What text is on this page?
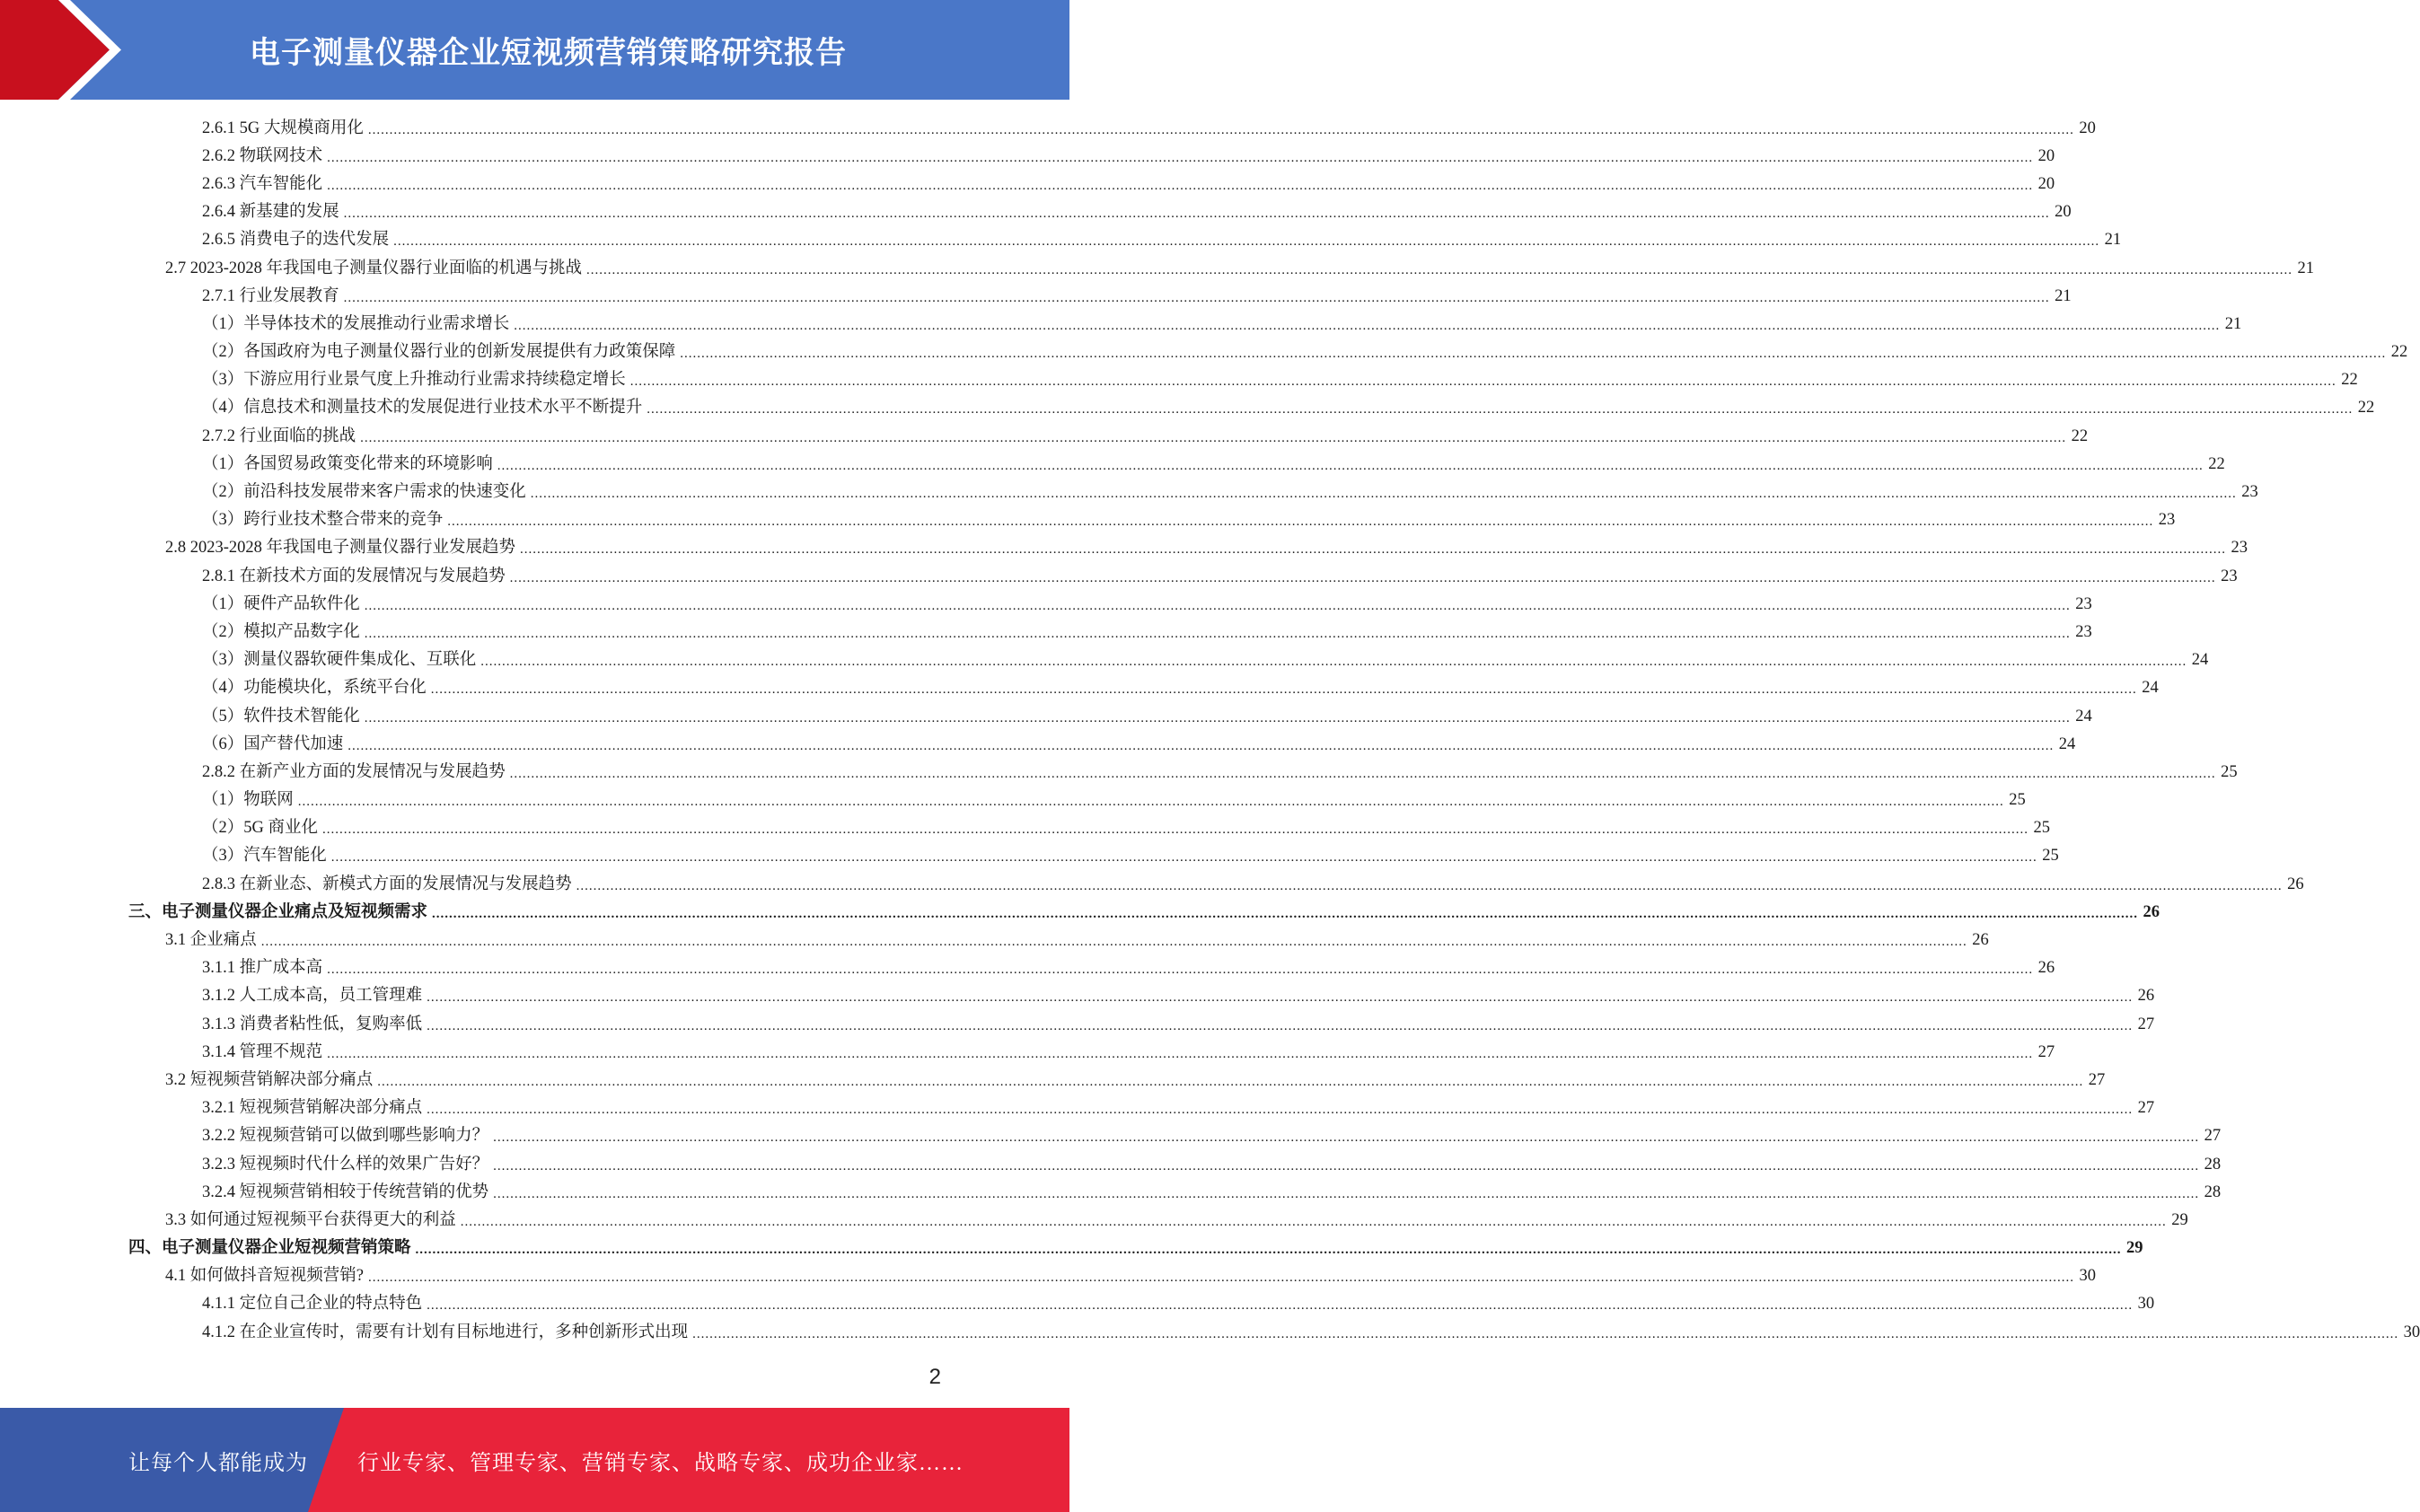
电子测量仪器企业短视频营销策略研究报告
2.6.1 5G 大规模商用化 ................................................................................................................................................................................................................................................................................................................................................................................................................ 20
2.6.2 物联网技术 ................................................................................................................................................................................................................................................................................................................................................................................................................ 20
2.6.3 汽车智能化 ................................................................................................................................................................................................................................................................................................................................................................................................................ 20
2.6.4 新基建的发展 ................................................................................................................................................................................................................................................................................................................................................................................................................ 20
2.6.5 消费电子的迭代发展 ................................................................................................................................................................................................................................................................................................................................................................................................................ 21
2.7 2023-2028 年我国电子测量仪器行业面临的机遇与挑战 ................................................................................................................................................................................................................................................................................................................................................................................................................ 21
2.7.1 行业发展教育 ................................................................................................................................................................................................................................................................................................................................................................................................................ 21
（1）半导体技术的发展推动行业需求增长 ................................................................................................................................................................................................................................................................................................................................................................................................................ 21
（2）各国政府为电子测量仪器行业的创新发展提供有力政策保障 ................................................................................................................................................................................................................................................................................................................................................................................................................ 22
（3）下游应用行业景气度上升推动行业需求持续稳定增长 ................................................................................................................................................................................................................................................................................................................................................................................................................ 22
（4）信息技术和测量技术的发展促进行业技术水平不断提升 ................................................................................................................................................................................................................................................................................................................................................................................................................ 22
2.7.2 行业面临的挑战 ................................................................................................................................................................................................................................................................................................................................................................................................................ 22
（1）各国贸易政策变化带来的环境影响 ................................................................................................................................................................................................................................................................................................................................................................................................................ 22
（2）前沿科技发展带来客户需求的快速变化 ................................................................................................................................................................................................................................................................................................................................................................................................................ 23
（3）跨行业技术整合带来的竞争 ................................................................................................................................................................................................................................................................................................................................................................................................................ 23
2.8 2023-2028 年我国电子测量仪器行业发展趋势 ................................................................................................................................................................................................................................................................................................................................................................................................................ 23
2.8.1 在新技术方面的发展情况与发展趋势 ................................................................................................................................................................................................................................................................................................................................................................................................................ 23
（1）硬件产品软件化 ................................................................................................................................................................................................................................................................................................................................................................................................................ 23
（2）模拟产品数字化 ................................................................................................................................................................................................................................................................................................................................................................................................................ 23
（3）测量仪器软硬件集成化、互联化 ................................................................................................................................................................................................................................................................................................................................................................................................................ 24
（4）功能模块化，系统平台化 ................................................................................................................................................................................................................................................................................................................................................................................................................ 24
（5）软件技术智能化 ................................................................................................................................................................................................................................................................................................................................................................................................................ 24
（6）国产替代加速 ................................................................................................................................................................................................................................................................................................................................................................................................................ 24
2.8.2 在新产业方面的发展情况与发展趋势 ................................................................................................................................................................................................................................................................................................................................................................................................................ 25
（1）物联网 ................................................................................................................................................................................................................................................................................................................................................................................................................ 25
（2）5G 商业化 ................................................................................................................................................................................................................................................................................................................................................................................................................ 25
（3）汽车智能化 ................................................................................................................................................................................................................................................................................................................................................................................................................ 25
2.8.3 在新业态、新模式方面的发展情况与发展趋势 ................................................................................................................................................................................................................................................................................................................................................................................................................ 26
三、电子测量仪器企业痛点及短视频需求 ................................................................................................................................................................................................................................................................................................................................................................................................................ 26
3.1 企业痛点 ................................................................................................................................................................................................................................................................................................................................................................................................................ 26
3.1.1 推广成本高 ................................................................................................................................................................................................................................................................................................................................................................................................................ 26
3.1.2 人工成本高，员工管理难 ................................................................................................................................................................................................................................................................................................................................................................................................................ 26
3.1.3 消费者粘性低，复购率低 ................................................................................................................................................................................................................................................................................................................................................................................................................ 27
3.1.4 管理不规范 ................................................................................................................................................................................................................................................................................................................................................................................................................ 27
3.2 短视频营销解决部分痛点 ................................................................................................................................................................................................................................................................................................................................................................................................................ 27
3.2.1 短视频营销解决部分痛点 ................................................................................................................................................................................................................................................................................................................................................................................................................ 27
3.2.2 短视频营销可以做到哪些影响力？ ................................................................................................................................................................................................................................................................................................................................................................................................................ 27
3.2.3 短视频时代什么样的效果广告好？ ................................................................................................................................................................................................................................................................................................................................................................................................................ 28
3.2.4 短视频营销相较于传统营销的优势 ................................................................................................................................................................................................................................................................................................................................................................................................................ 28
3.3 如何通过短视频平台获得更大的利益 ................................................................................................................................................................................................................................................................................................................................................................................................................ 29
四、电子测量仪器企业短视频营销策略 ................................................................................................................................................................................................................................................................................................................................................................................................................ 29
4.1 如何做抖音短视频营销? ................................................................................................................................................................................................................................................................................................................................................................................................................ 30
4.1.1 定位自己企业的特点特色 ................................................................................................................................................................................................................................................................................................................................................................................................................ 30
4.1.2 在企业宣传时，需要有计划有目标地进行，多种创新形式出现 ................................................................................................................................................................................................................................................................................................................................................................................................................ 30
2
让每个人都能成为 行业专家、管理专家、营销专家、战略专家、成功企业家……
